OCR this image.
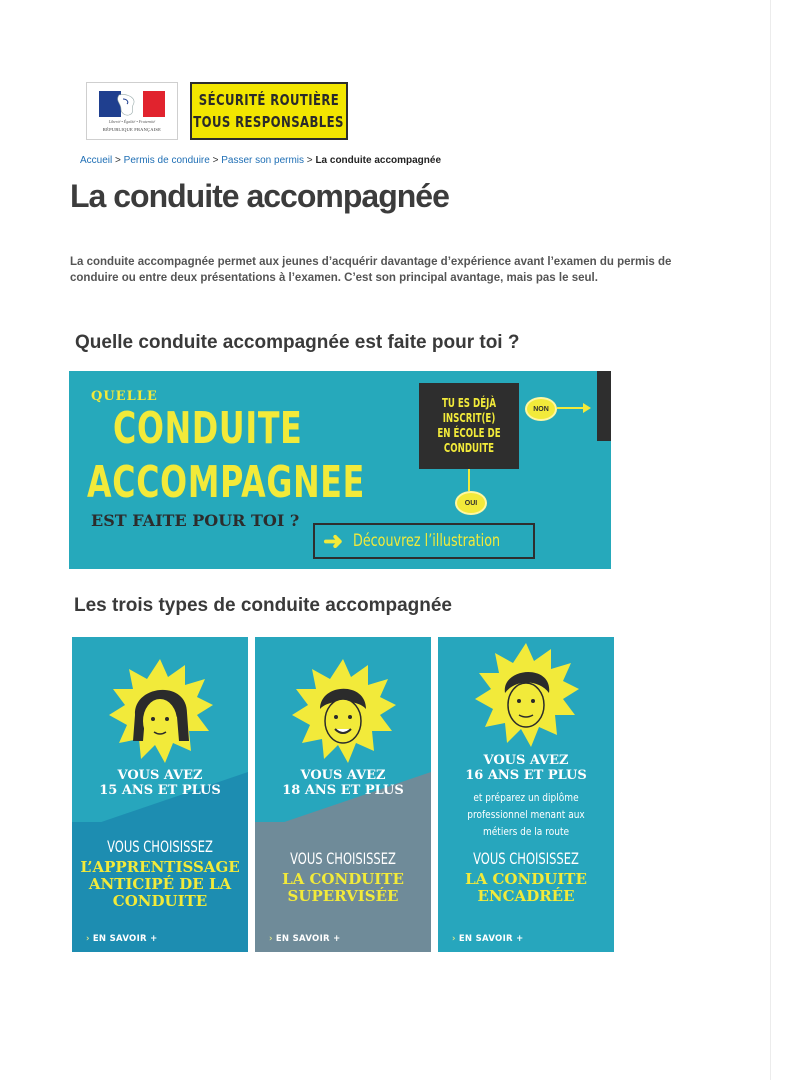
Liberté • Égalité • Fraternité
RÉPUBLIQUE FRANÇAISE
SÉCURITÉ ROUTIÈRE
TOUS RESPONSABLES
Accueil > Permis de conduire > Passer son permis > La conduite accompagnée
La conduite accompagnée

La conduite accompagnée permet aux jeunes d’acquérir davantage d’expérience avant l’examen du permis de conduire ou entre deux présentations à l’examen. C’est son principal avantage, mais pas le seul.

Quelle conduite accompagnée est faite pour toi ?
QUELLE
CONDUITE
ACCOMPAGNEE
EST FAITE POUR TOI ?
TU ES DÉJÀ
INSCRIT(E)
EN ÉCOLE DE
CONDUITE
NON
OUI
➜ Découvrez l’illustration
Les trois types de conduite accompagnée
VOUS AVEZ
15 ANS ET PLUS
VOUS CHOISISSEZ
L’APPRENTISSAGE
ANTICIPÉ DE LA
CONDUITE
› EN SAVOIR +
VOUS AVEZ
18 ANS ET PLUS
VOUS CHOISISSEZ
LA CONDUITE
SUPERVISÉE
› EN SAVOIR +
VOUS AVEZ
16 ANS ET PLUS
et préparez un diplôme professionnel menant aux métiers de la route
VOUS CHOISISSEZ
LA CONDUITE
ENCADRÉE
› EN SAVOIR +
